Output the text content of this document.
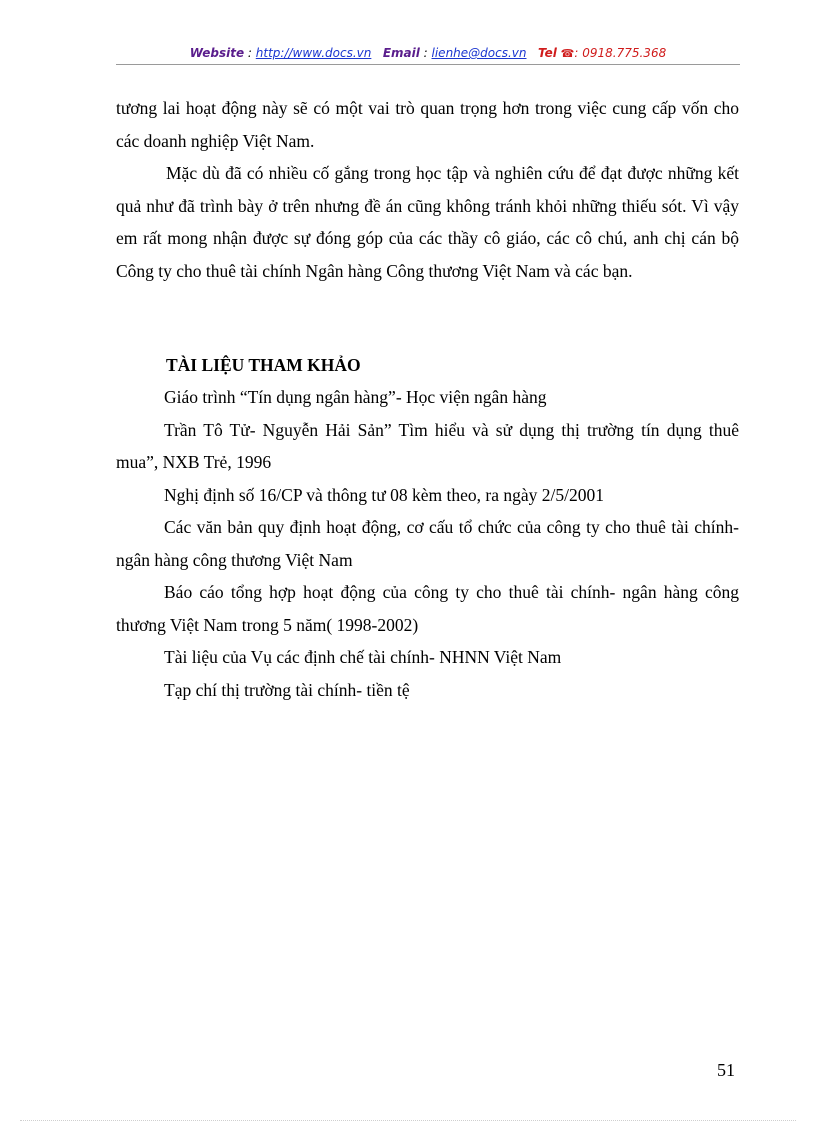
Website : http://www.docs.vn Email : lienhe@docs.vn Tel ☎: 0918.775.368

tương lai hoạt động này sẽ có một vai trò quan trọng hơn trong việc cung cấp vốn cho các doanh nghiệp Việt Nam.

Mặc dù đã có nhiều cố gắng trong học tập và nghiên cứu để đạt được những kết quả như đã trình bày ở trên nhưng đề án cũng không tránh khỏi những thiếu sót. Vì vậy em rất mong nhận được sự đóng góp của các thầy cô giáo, các cô chú, anh chị cán bộ Công ty cho thuê tài chính Ngân hàng Công thương Việt Nam và các bạn.

TÀI LIỆU THAM KHẢO

Giáo trình “Tín dụng ngân hàng”- Học viện ngân hàng

Trần Tô Tử- Nguyễn Hải Sản” Tìm hiểu và sử dụng thị trường tín dụng thuê mua”, NXB Trẻ, 1996

Nghị định số 16/CP và thông tư 08 kèm theo, ra ngày 2/5/2001

Các văn bản quy định hoạt động, cơ cấu tổ chức của công ty cho thuê tài chính- ngân hàng công thương Việt Nam

Báo cáo tổng hợp hoạt động của công ty cho thuê tài chính- ngân hàng công thương Việt Nam trong 5 năm( 1998-2002)

Tài liệu của Vụ các định chế tài chính- NHNN Việt Nam

Tạp chí thị trường tài chính- tiền tệ

51
